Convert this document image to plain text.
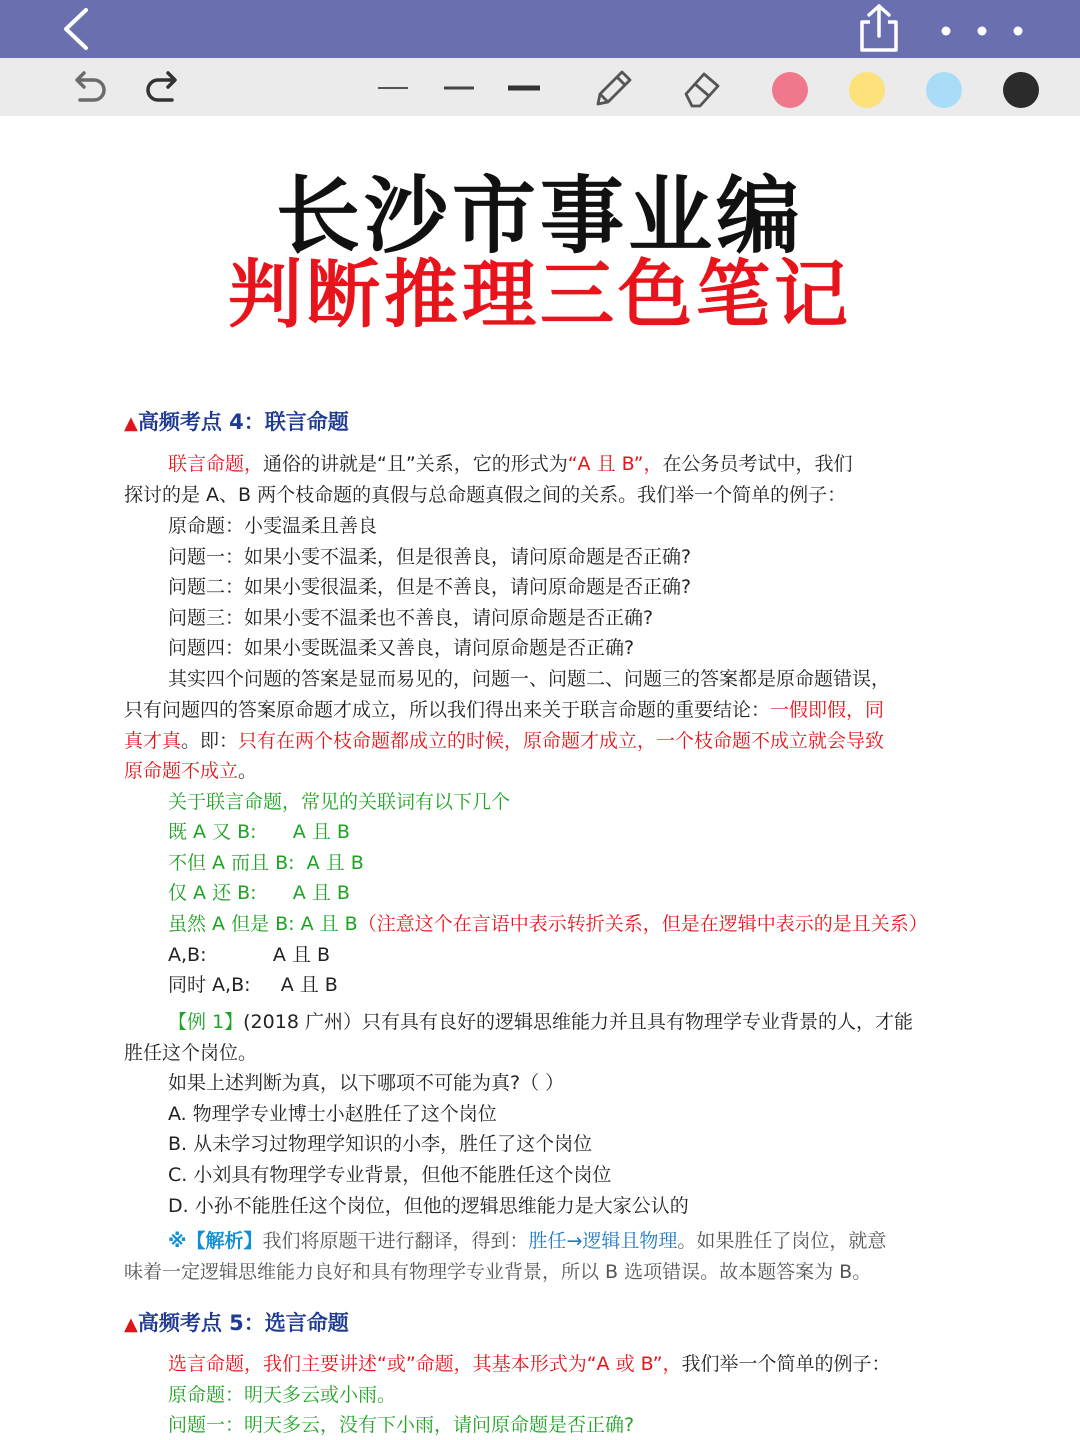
长沙市事业编
判断推理三色笔记
▲高频考点 4：联言命题
联言命题，通俗的讲就是“且”关系，它的形式为“A 且 B”，在公务员考试中，我们
探讨的是 A、B 两个枝命题的真假与总命题真假之间的关系。我们举一个简单的例子：
原命题：小雯温柔且善良
问题一：如果小雯不温柔，但是很善良，请问原命题是否正确?
问题二：如果小雯很温柔，但是不善良，请问原命题是否正确?
问题三：如果小雯不温柔也不善良，请问原命题是否正确?
问题四：如果小雯既温柔又善良，请问原命题是否正确?
其实四个问题的答案是显而易见的，问题一、问题二、问题三的答案都是原命题错误，
只有问题四的答案原命题才成立，所以我们得出来关于联言命题的重要结论：一假即假，同
真才真。即：只有在两个枝命题都成立的时候，原命题才成立，一个枝命题不成立就会导致
原命题不成立。
关于联言命题，常见的关联词有以下几个
既 A 又 B:      A 且 B
不但 A 而且 B:  A 且 B
仅 A 还 B:      A 且 B
虽然 A 但是 B: A 且 B（注意这个在言语中表示转折关系，但是在逻辑中表示的是且关系）
A,B:           A 且 B
同时 A,B:     A 且 B
【例 1】(2018 广州）只有具有良好的逻辑思维能力并且具有物理学专业背景的人，才能
胜任这个岗位。
如果上述判断为真，以下哪项不可能为真?（ ）
A. 物理学专业博士小赵胜任了这个岗位
B. 从未学习过物理学知识的小李，胜任了这个岗位
C. 小刘具有物理学专业背景，但他不能胜任这个岗位
D. 小孙不能胜任这个岗位，但他的逻辑思维能力是大家公认的
※【解析】我们将原题干进行翻译，得到：胜任→逻辑且物理。如果胜任了岗位，就意
味着一定逻辑思维能力良好和具有物理学专业背景，所以 B 选项错误。故本题答案为 B。
▲高频考点 5：选言命题
选言命题，我们主要讲述“或”命题，其基本形式为“A 或 B”，我们举一个简单的例子：
原命题：明天多云或小雨。
问题一：明天多云，没有下小雨，请问原命题是否正确?
